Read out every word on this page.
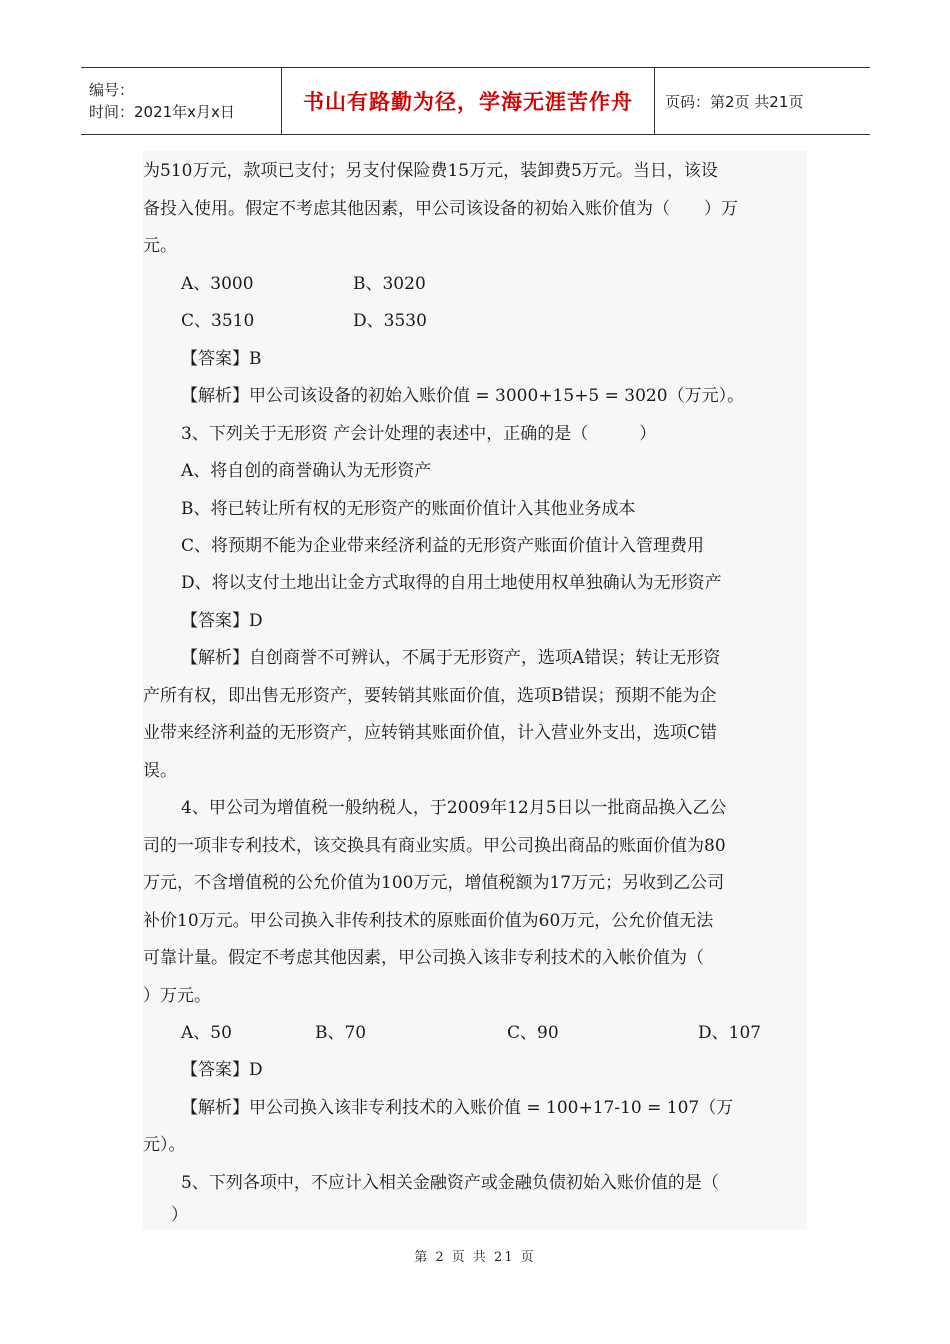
编号：
时间：2021年x月x日	书山有路勤为径，学海无涯苦作舟 页码：第2页 共21页
为510万元，款项已支付；另支付保险费15万元，装卸费5万元。当日，该设
备投入使用。假定不考虑其他因素，甲公司该设备的初始入账价值为（　　）万
元。
A、3000	B、3020
C、3510	D、3530
【答案】B
【解析】甲公司该设备的初始入账价值 = 3000+15+5 = 3020（万元）。
3、下列关于无形资 产会计处理的表述中，正确的是（　　　）
A、将自创的商誉确认为无形资产
B、将已转让所有权的无形资产的账面价值计入其他业务成本
C、将预期不能为企业带来经济利益的无形资产账面价值计入管理费用
D、将以支付土地出让金方式取得的自用土地使用权单独确认为无形资产
【答案】D
【解析】自创商誉不可辨认，不属于无形资产，选项A错误；转让无形资
产所有权，即出售无形资产，要转销其账面价值，选项B错误；预期不能为企
业带来经济利益的无形资产，应转销其账面价值，计入营业外支出，选项C错
误。
4、甲公司为增值税一般纳税人，于2009年12月5日以一批商品换入乙公
司的一项非专利技术，该交换具有商业实质。甲公司换出商品的账面价值为80
万元，不含增值税的公允价值为100万元，增值税额为17万元；另收到乙公司
补价10万元。甲公司换入非传利技术的原账面价值为60万元，公允价值无法
可靠计量。假定不考虑其他因素，甲公司换入该非专利技术的入帐价值为（
）万元。
A、50	B、70	C、90	D、107
【答案】D
【解析】甲公司换入该非专利技术的入账价值 = 100+17-10 = 107（万
元）。
5、下列各项中，不应计入相关金融资产或金融负债初始入账价值的是（
）
第 2 页 共 21 页
